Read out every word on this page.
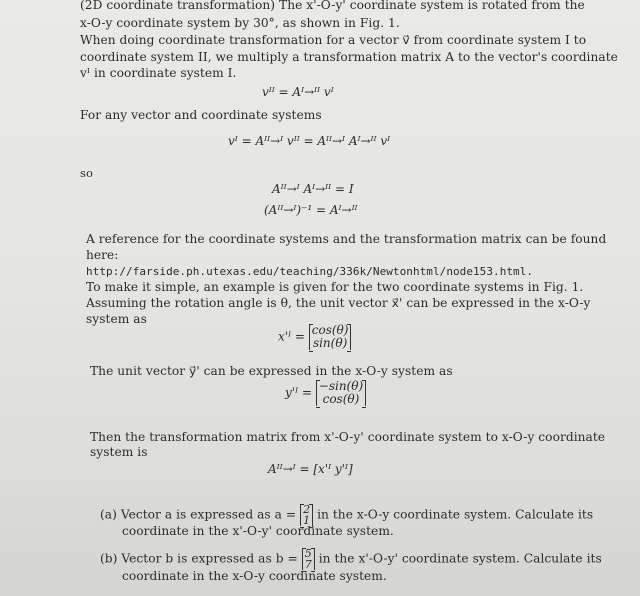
(2D coordinate transformation) The x'-O-y' coordinate system is rotated from the
x-O-y coordinate system by 30°, as shown in Fig. 1.
When doing coordinate transformation for a vector v⃗ from coordinate system I to
coordinate system II, we multiply a transformation matrix A to the vector's coordinate
vᴵ in coordinate system I.
vᴵᴵ = Aᴵ→ᴵᴵ vᴵ
For any vector and coordinate systems
vᴵ = Aᴵᴵ→ᴵ vᴵᴵ = Aᴵᴵ→ᴵ Aᴵ→ᴵᴵ vᴵ
so
Aᴵᴵ→ᴵ Aᴵ→ᴵᴵ = I
(Aᴵᴵ→ᴵ)⁻¹ = Aᴵ→ᴵᴵ
A reference for the coordinate systems and the transformation matrix can be found
here:
http://farside.ph.utexas.edu/teaching/336k/Newtonhtml/node153.html.
To make it simple, an example is given for the two coordinate systems in Fig. 1.
Assuming the rotation angle is θ, the unit vector x⃗' can be expressed in the x-O-y
system as
x'ᴵ = cos(θ)
sin(θ)
The unit vector y⃗' can be expressed in the x-O-y system as
y'ᴵ = −sin(θ)
cos(θ)
Then the transformation matrix from x'-O-y' coordinate system to x-O-y coordinate
system is
Aᴵᴵ→ᴵ = [x'ᴵ y'ᴵ]
(a) Vector a is expressed as a = 2
1 in the x-O-y coordinate system. Calculate its
coordinate in the x'-O-y' coordinate system.
(b) Vector b is expressed as b = 5
7 in the x'-O-y' coordinate system. Calculate its
coordinate in the x-O-y coordinate system.
